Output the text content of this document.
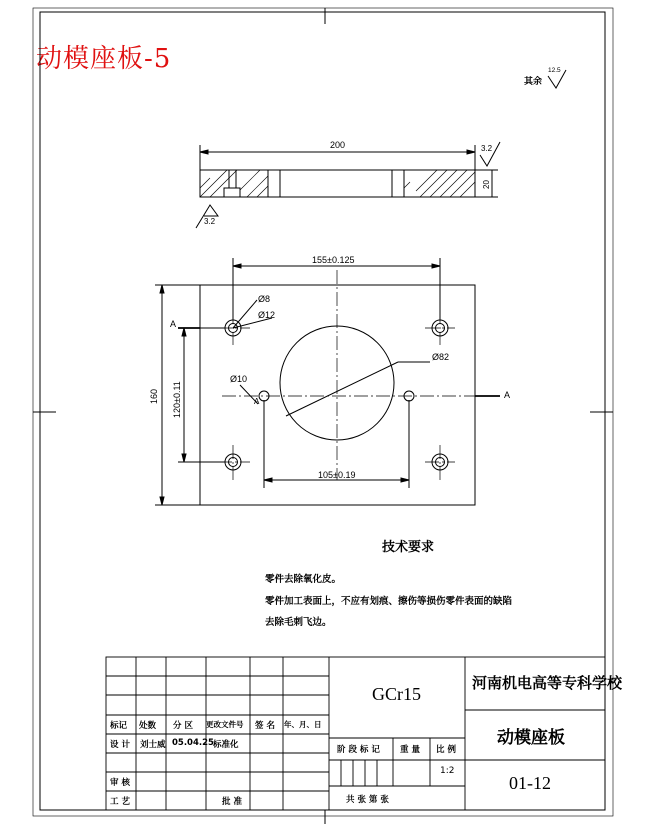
动模座板-5
其余
12.5
200	3.2
3.2
20
155±0.125
160 120±0.11
105±0.19
Ø8
Ø12
Ø82
Ø10
A
A
A
技术要求
零件去除氧化皮。
零件加工表面上，不应有划痕、擦伤等损伤零件表面的缺陷
去除毛刺飞边。
GCr15
河南机电高等专科学校
动模座板
01-12
1:2
阶 段 标 记 重 量 比 例
共 张 第 张
标记 处数 分 区 更改文件号 签 名 年、月、日
设 计 刘士威 05.04.25 标准化
审 核
工 艺	批 准
